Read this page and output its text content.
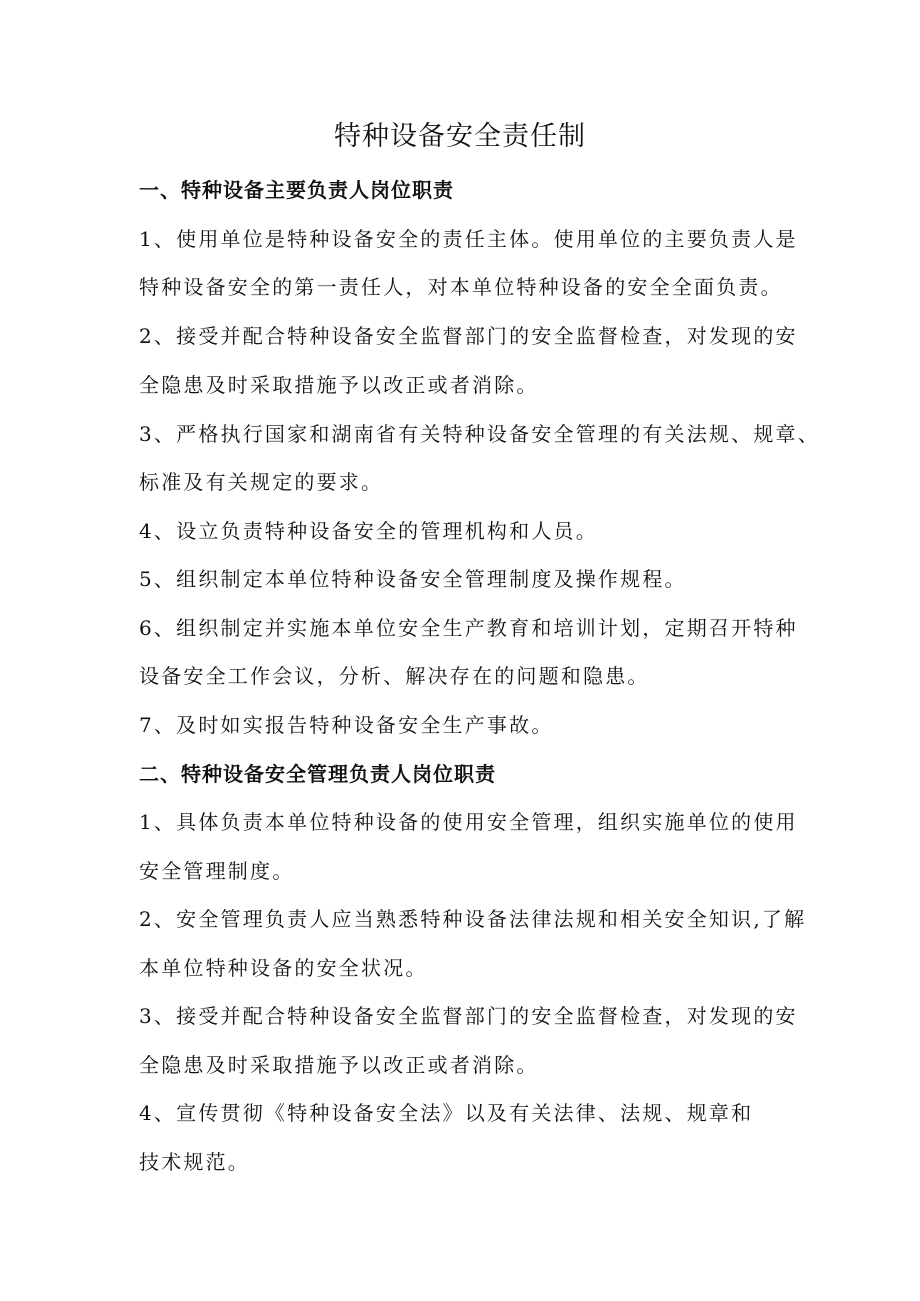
特种设备安全责任制
一、特种设备主要负责人岗位职责

1、使用单位是特种设备安全的责任主体。使用单位的主要负责人是

特种设备安全的第一责任人，对本单位特种设备的安全全面负责。

2、接受并配合特种设备安全监督部门的安全监督检查，对发现的安

全隐患及时采取措施予以改正或者消除。

3、严格执行国家和湖南省有关特种设备安全管理的有关法规、规章、

标准及有关规定的要求。

4、设立负责特种设备安全的管理机构和人员。

5、组织制定本单位特种设备安全管理制度及操作规程。

6、组织制定并实施本单位安全生产教育和培训计划，定期召开特种

设备安全工作会议，分析、解决存在的问题和隐患。

7、及时如实报告特种设备安全生产事故。

二、特种设备安全管理负责人岗位职责

1、具体负责本单位特种设备的使用安全管理，组织实施单位的使用

安全管理制度。

2、安全管理负责人应当熟悉特种设备法律法规和相关安全知识,了解

本单位特种设备的安全状况。

3、接受并配合特种设备安全监督部门的安全监督检查，对发现的安

全隐患及时采取措施予以改正或者消除。

4、宣传贯彻《特种设备安全法》以及有关法律、法规、规章和

技术规范。
